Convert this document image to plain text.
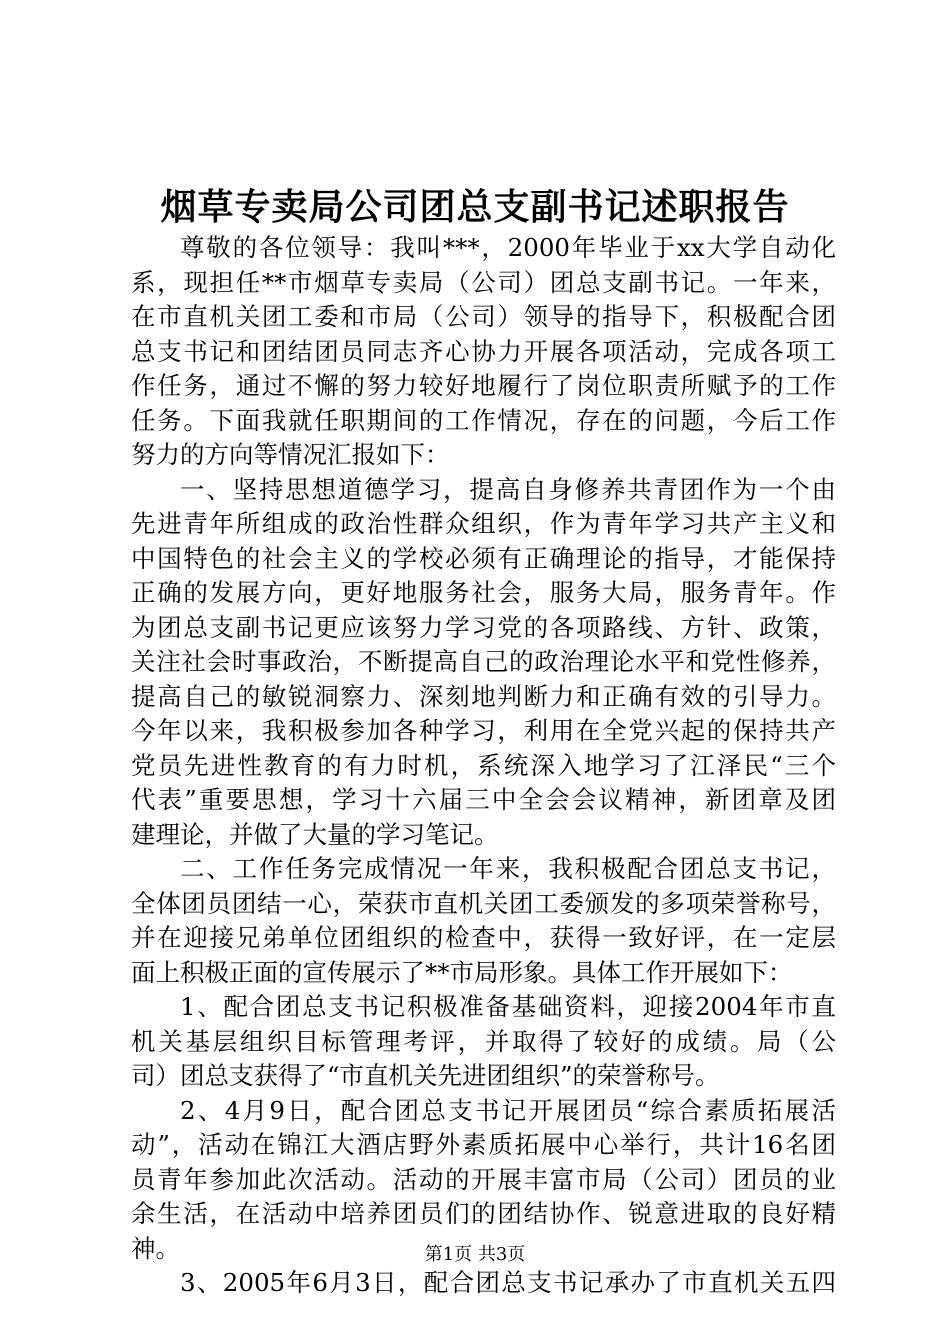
烟草专卖局公司团总支副书记述职报告
尊敬的各位领导：我叫***，2000年毕业于xx大学自动化
系，现担任**市烟草专卖局（公司）团总支副书记。一年来，
在市直机关团工委和市局（公司）领导的指导下，积极配合团
总支书记和团结团员同志齐心协力开展各项活动，完成各项工
作任务，通过不懈的努力较好地履行了岗位职责所赋予的工作
任务。下面我就任职期间的工作情况，存在的问题，今后工作
努力的方向等情况汇报如下：
一、坚持思想道德学习，提高自身修养共青团作为一个由
先进青年所组成的政治性群众组织，作为青年学习共产主义和
中国特色的社会主义的学校必须有正确理论的指导，才能保持
正确的发展方向，更好地服务社会，服务大局，服务青年。作
为团总支副书记更应该努力学习党的各项路线、方针、政策，
关注社会时事政治，不断提高自己的政治理论水平和党性修养，
提高自己的敏锐洞察力、深刻地判断力和正确有效的引导力。
今年以来，我积极参加各种学习，利用在全党兴起的保持共产
党员先进性教育的有力时机，系统深入地学习了江泽民“三个
代表”重要思想，学习十六届三中全会会议精神，新团章及团
建理论，并做了大量的学习笔记。
二、工作任务完成情况一年来，我积极配合团总支书记，
全体团员团结一心，荣获市直机关团工委颁发的多项荣誉称号，
并在迎接兄弟单位团组织的检查中，获得一致好评，在一定层
面上积极正面的宣传展示了**市局形象。具体工作开展如下：
1、配合团总支书记积极准备基础资料，迎接2004年市直
机关基层组织目标管理考评，并取得了较好的成绩。局（公
司）团总支获得了“市直机关先进团组织”的荣誉称号。
2、4月9日，配合团总支书记开展团员“综合素质拓展活
动”，活动在锦江大酒店野外素质拓展中心举行，共计16名团
员青年参加此次活动。活动的开展丰富市局（公司）团员的业
余生活，在活动中培养团员们的团结协作、锐意进取的良好精
神。
3、2005年6月3日，配合团总支书记承办了市直机关五四
第1页 共3页
